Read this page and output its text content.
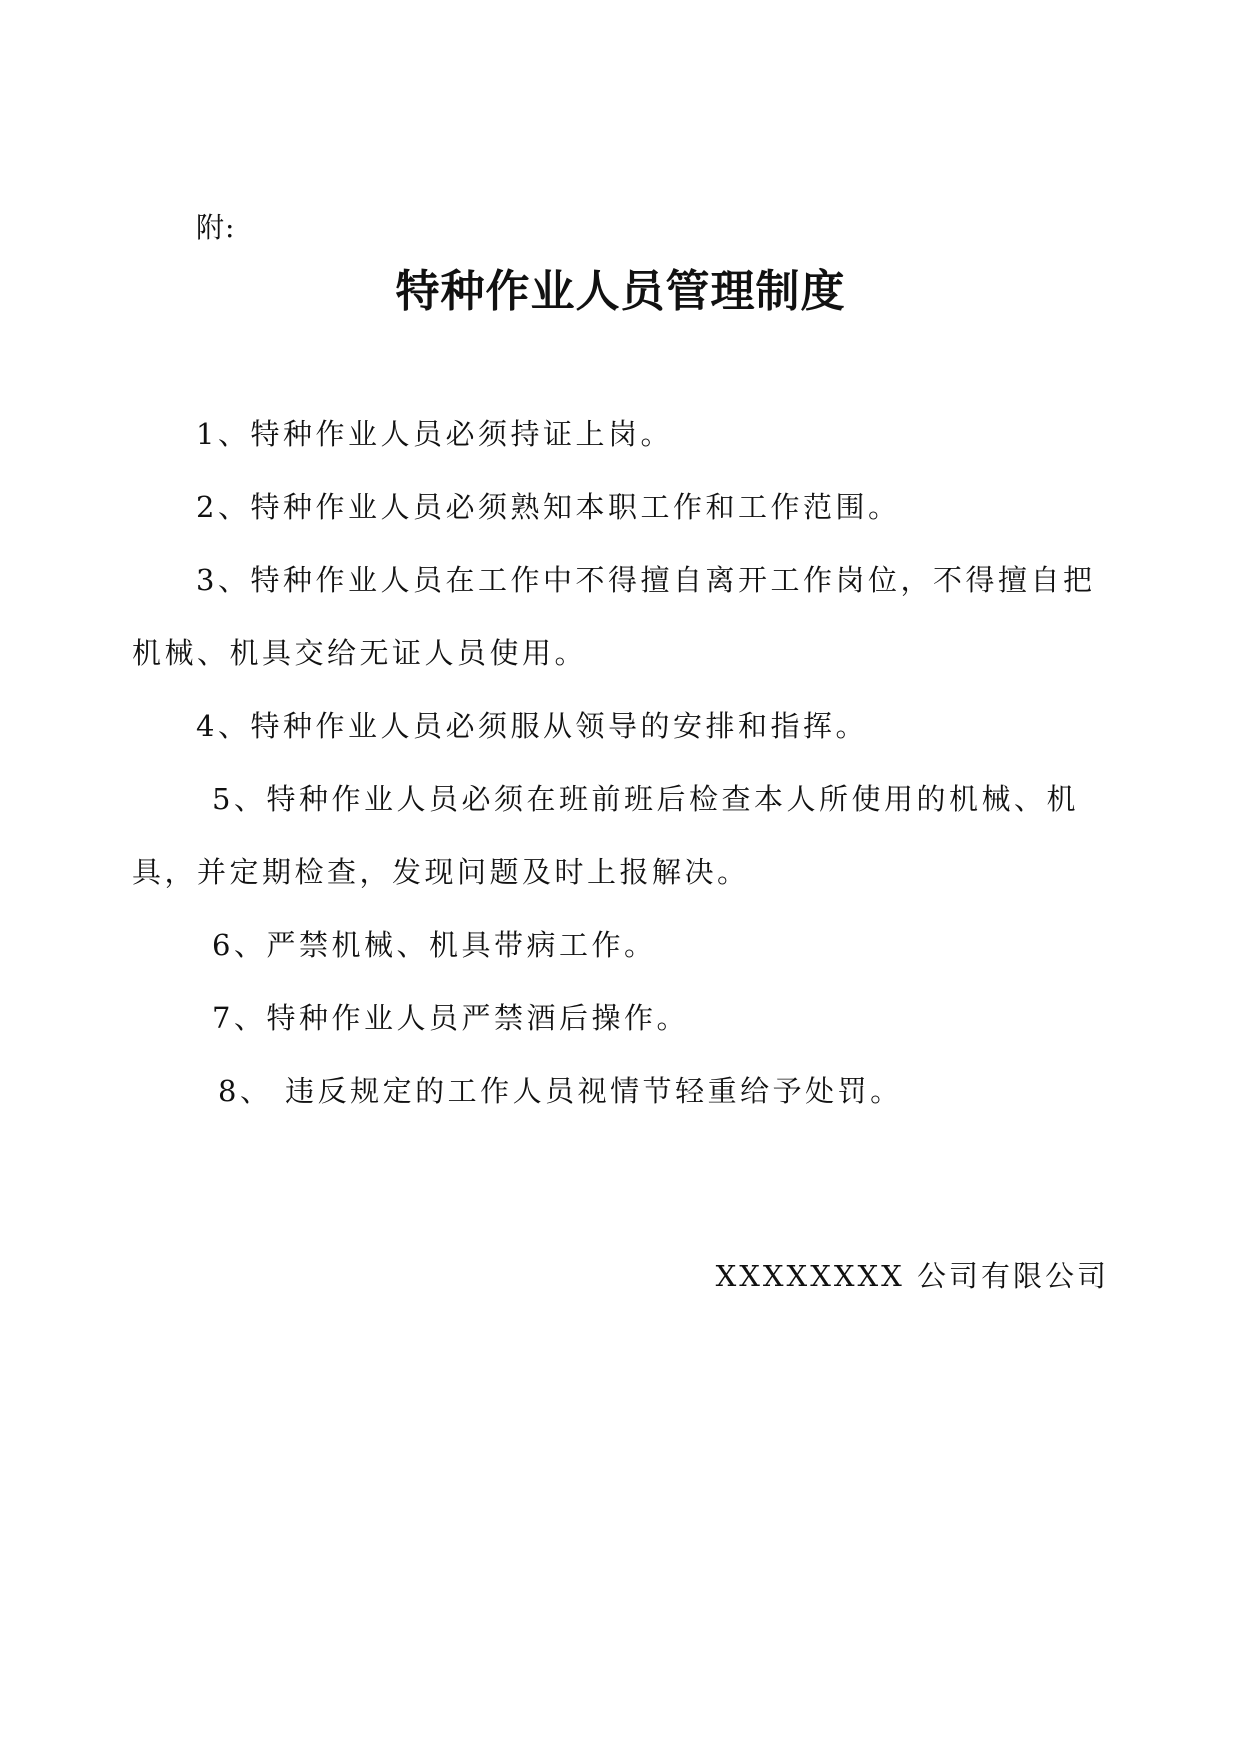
附:
特种作业人员管理制度

1、特种作业人员必须持证上岗。

2、特种作业人员必须熟知本职工作和工作范围。

3、特种作业人员在工作中不得擅自离开工作岗位，不得擅自把机械、机具交给无证人员使用。

4、特种作业人员必须服从领导的安排和指挥。

5、特种作业人员必须在班前班后检查本人所使用的机械、机具，并定期检查，发现问题及时上报解决。

6、严禁机械、机具带病工作。

7、特种作业人员严禁酒后操作。

8、 违反规定的工作人员视情节轻重给予处罚。

XXXXXXXX 公司有限公司
